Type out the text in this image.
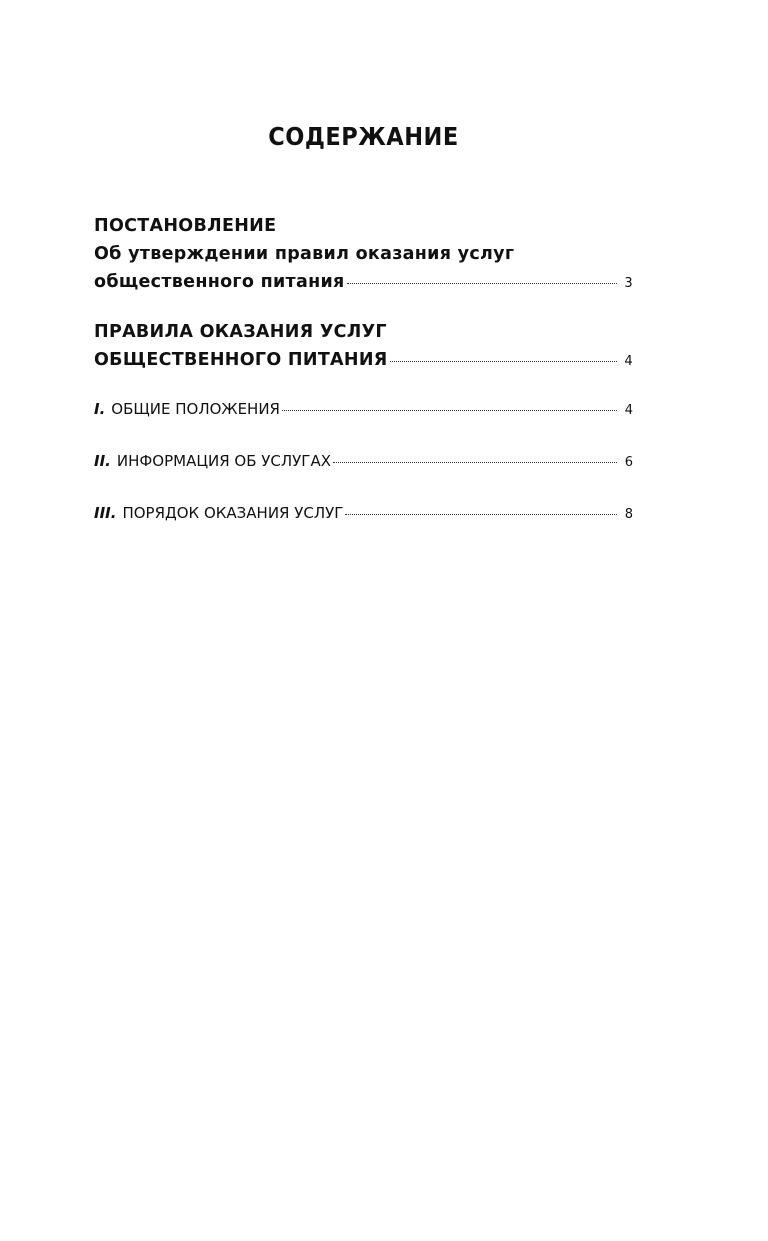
СОДЕРЖАНИЕ
ПОСТАНОВЛЕНИЕ
Об утверждении правил оказания услуг
общественного питания	3
ПРАВИЛА ОКАЗАНИЯ УСЛУГ
ОБЩЕСТВЕННОГО ПИТАНИЯ	4
I. ОБЩИЕ ПОЛОЖЕНИЯ	4
II. ИНФОРМАЦИЯ ОБ УСЛУГАХ	6
III. ПОРЯДОК ОКАЗАНИЯ УСЛУГ	8
